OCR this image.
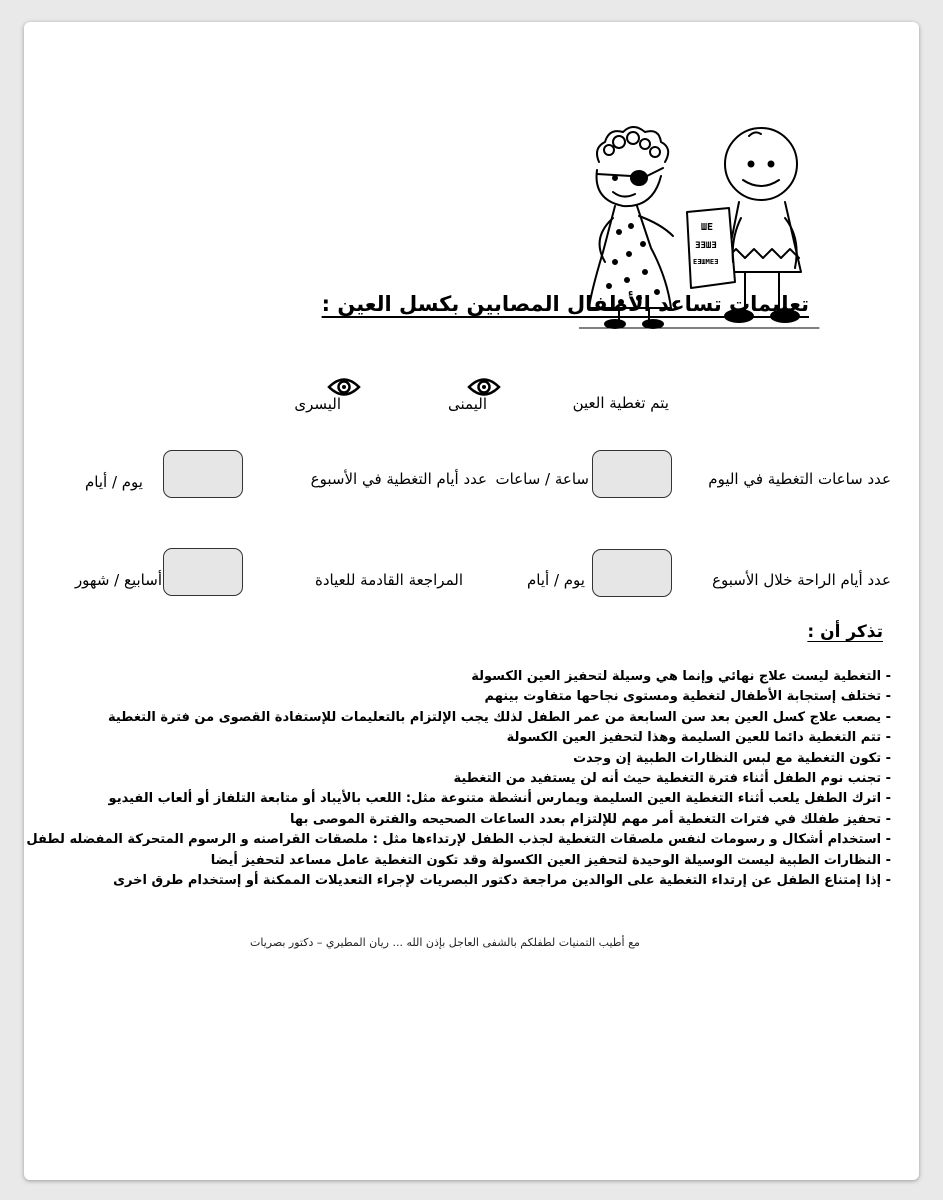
ШE
ƎƎШƎ
EƎШMEƎ
تعليمات تساعد الأطفال المصابين بكسل العين :
يتم تغطية العين
اليمنى
اليسرى
عدد ساعات التغطية في اليوم
ساعة / ساعات
عدد أيام التغطية في الأسبوع
يوم / أيام
عدد أيام الراحة خلال الأسبوع
يوم / أيام
المراجعة القادمة للعيادة
أسابيع / شهور
تذكر أن :
- التغطية ليست علاج نهائي وإنما هي وسيلة لتحفيز العين الكسولة
- تختلف إستجابة الأطفال لتغطية ومستوى نجاحها متفاوت بينهم
- يصعب علاج كسل العين بعد سن السابعة من عمر الطفل لذلك يجب الإلتزام بالتعليمات للإستفادة القصوى من فترة التغطية
- تتم التغطية دائما للعين السليمة وهذا لتحفيز العين الكسولة
- تكون التغطية مع لبس النظارات الطبية إن وجدت
- تجنب نوم الطفل أثناء فترة التغطية حيث أنه لن يستفيد من التغطية
- اترك الطفل يلعب أثناء التغطية العين السليمة ويمارس أنشطة متنوعة مثل: اللعب بالأيباد أو متابعة التلفاز أو ألعاب الفيديو
- تحفيز طفلك في فترات التغطية أمر مهم للإلتزام بعدد الساعات الصحيحه والفترة الموصى بها
- استخدام أشكال و رسومات لنفس ملصقات التغطية لجذب الطفل لإرتداءها مثل : ملصقات القراصنه و الرسوم المتحركة المفضله لطفل
- النظارات الطبية ليست الوسيلة الوحيدة لتحفيز العين الكسولة وقد تكون التغطية عامل مساعد لتحفيز أيضا
- إذا إمتناع الطفل عن إرتداء التغطية على الوالدين مراجعة دكتور البصريات لإجراء التعديلات الممكنة أو إستخدام طرق اخرى
مع أطيب التمنيات لطفلكم بالشفى العاجل بإذن الله ... ريان المطيري – دكتور بصريات
